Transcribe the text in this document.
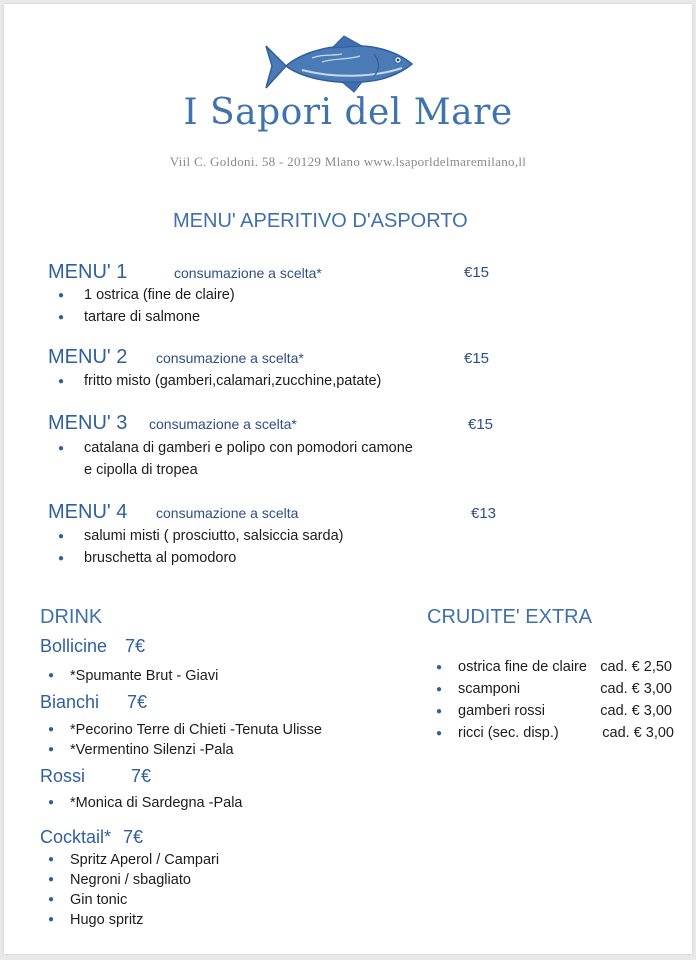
I Sapori del Mare
Viil C. Goldoni. 58 - 20129 Mlano www.lsaporldelmaremilano,ll
MENU' APERITIVO D'ASPORTO
MENU' 1	consumazione a scelta*	€15
● 1 ostrica (fine de claire)
● tartare di salmone
MENU' 2 consumazione a scelta*	€15
● fritto misto (gamberi,calamari,zucchine,patate)
MENU' 3 consumazione a scelta*	€15
● catalana di gamberi e polipo con pomodori camone
e cipolla di tropea
MENU' 4 consumazione a scelta	€13
● salumi misti ( prosciutto, salsiccia sarda)
● bruschetta al pomodoro
DRINK
Bollicine 7€
● *Spumante Brut - Giavi
Bianchi 7€
● *Pecorino Terre di Chieti -Tenuta Ulisse
● *Vermentino Silenzi -Pala
Rossi	7€
● *Monica di Sardegna -Pala
Cocktail* 7€
● Spritz Aperol / Campari
● Negroni / sbagliato
● Gin tonic
● Hugo spritz
CRUDITE' EXTRA
● ostrica fine de claire cad. € 2,50
● scamponi	cad. € 3,00
● gamberi rossi	cad. € 3,00
● ricci (sec. disp.)	cad. € 3,00
